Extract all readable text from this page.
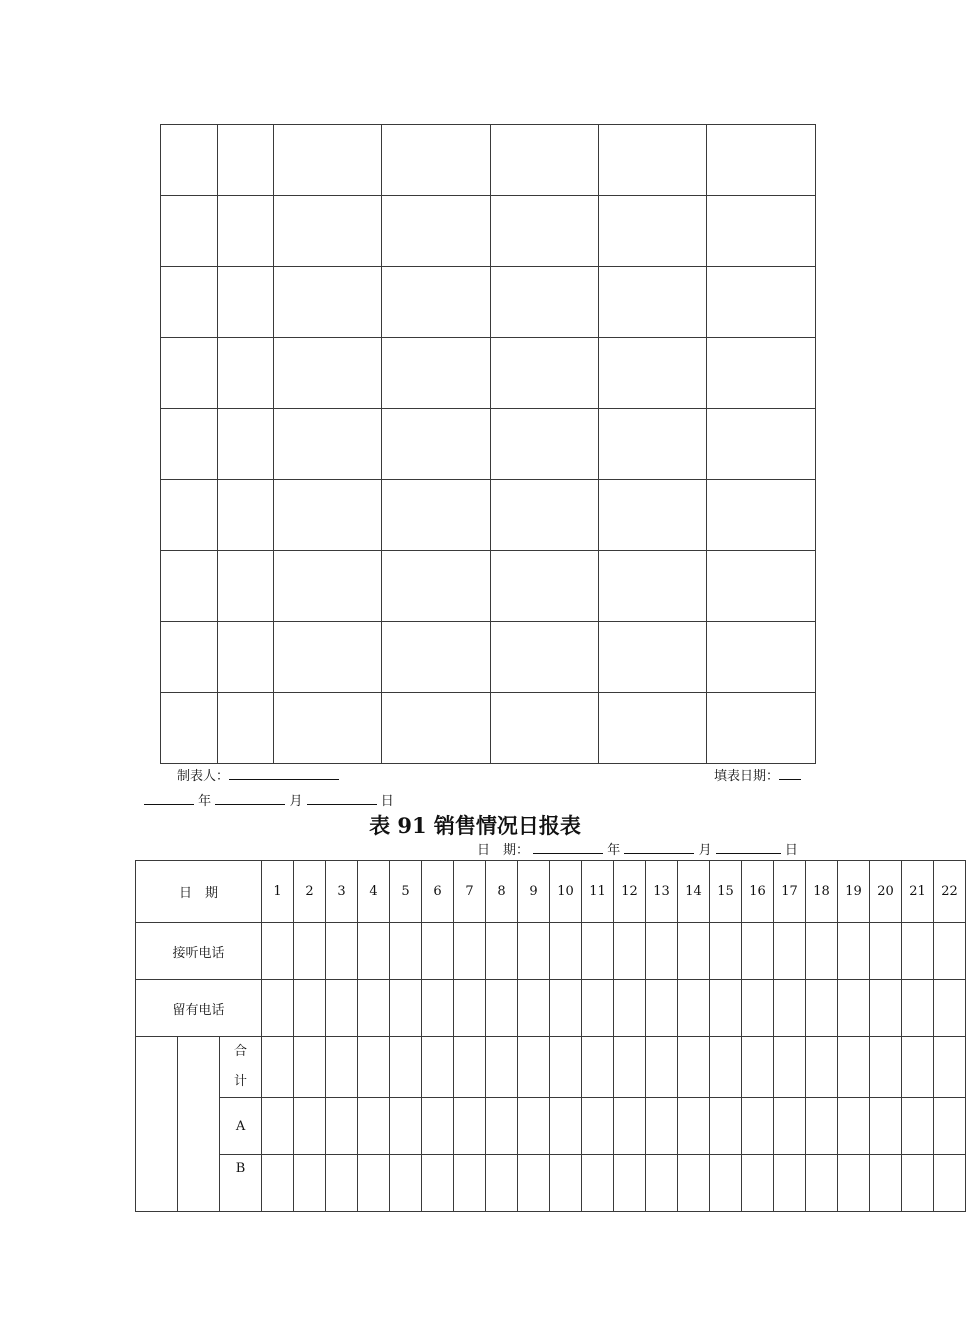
制表人：	填表日期：
年	月	日
表 91 销售情况日报表
日　期：	年	月	日
日　期			1	2	3	4	5	6	7	8	9	10	11	12	13	14	15	16	17	18	19	20	21	22
接听电话																								
留有电话																								
		合
计																						
		A																						
		B																						
